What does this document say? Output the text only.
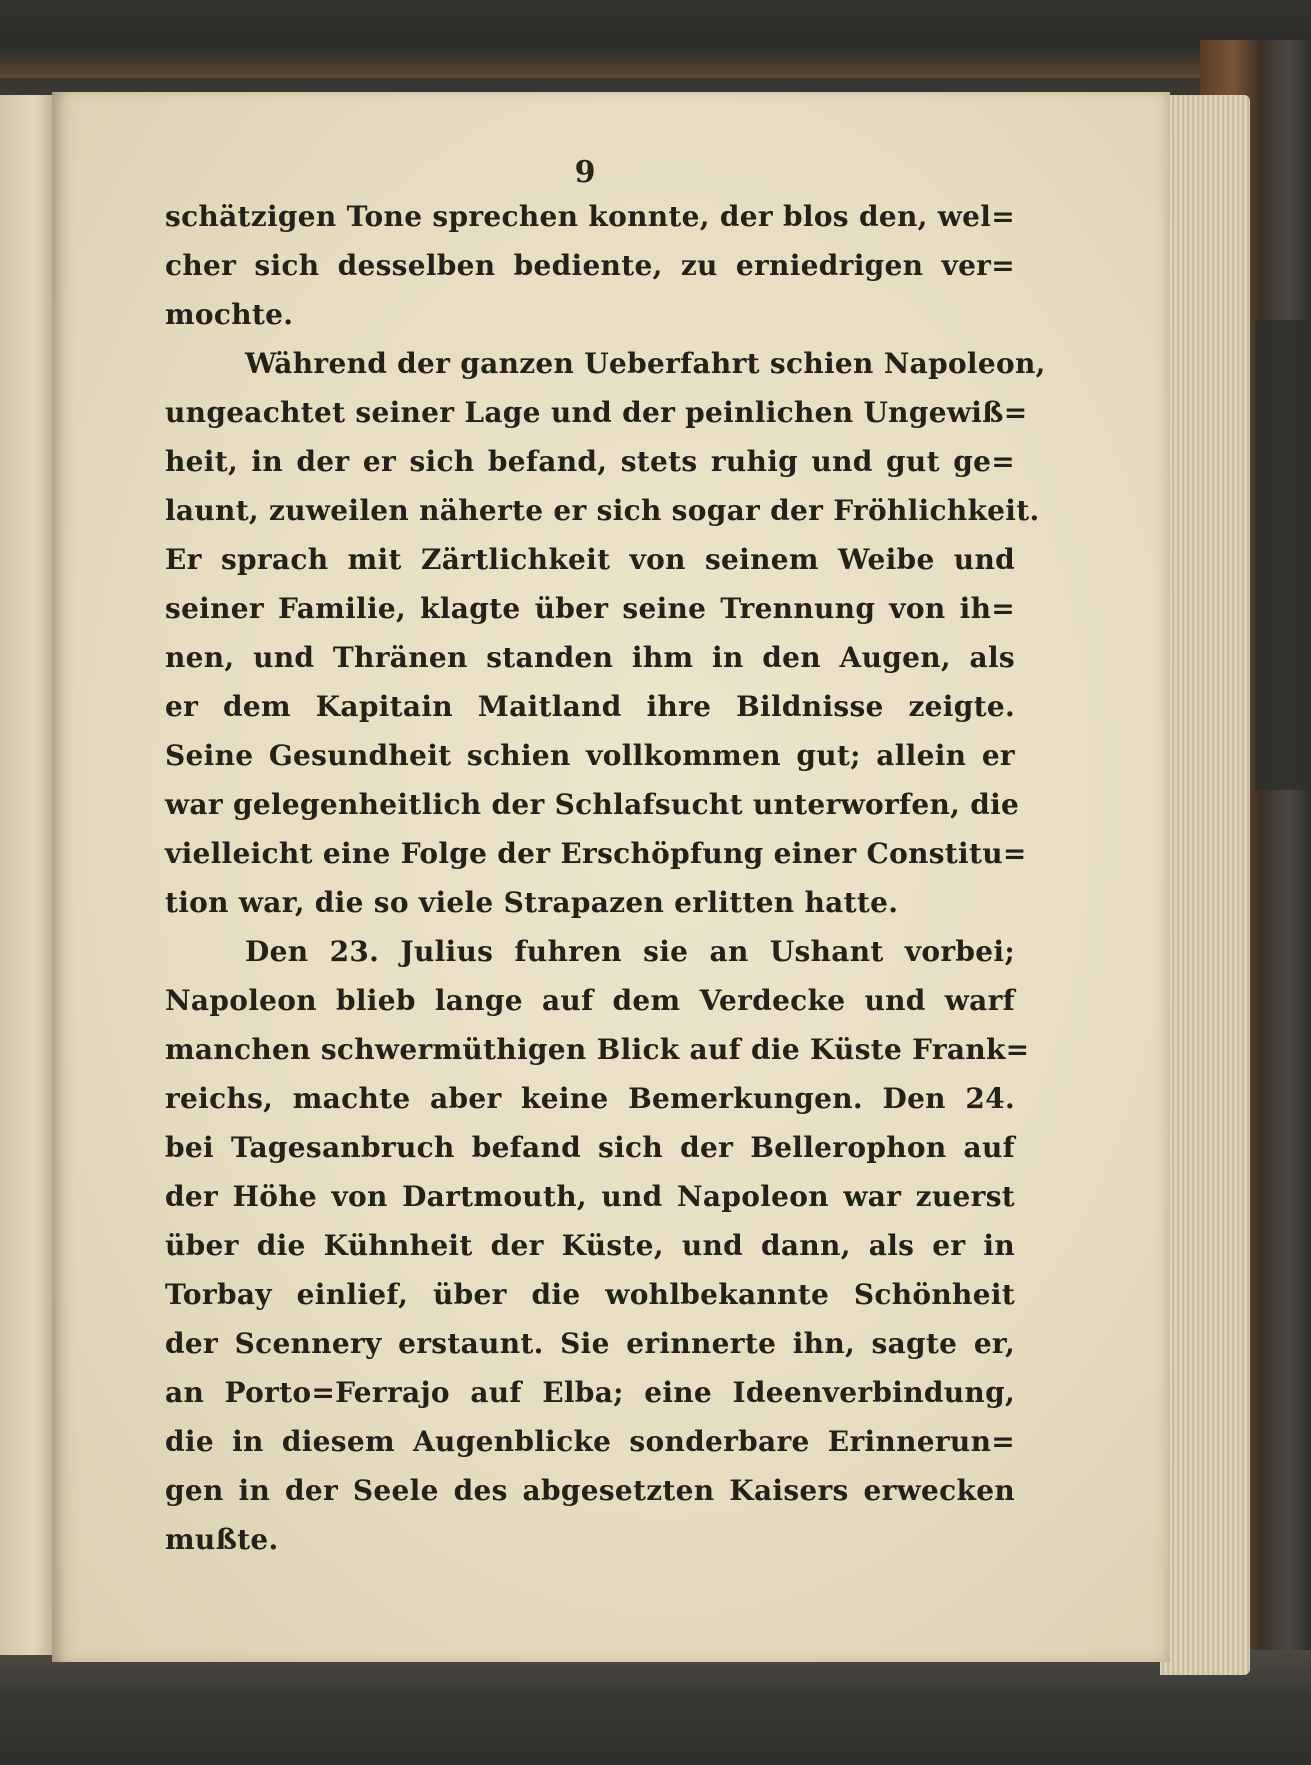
9
schätzigen Tone sprechen konnte, der blos den, wel=
cher sich desselben bediente, zu erniedrigen ver=
mochte.
Während der ganzen Ueberfahrt schien Napoleon,
ungeachtet seiner Lage und der peinlichen Ungewiß=
heit, in der er sich befand, stets ruhig und gut ge=
launt, zuweilen näherte er sich sogar der Fröhlichkeit.
Er sprach mit Zärtlichkeit von seinem Weibe und
seiner Familie, klagte über seine Trennung von ih=
nen, und Thränen standen ihm in den Augen, als
er dem Kapitain Maitland ihre Bildnisse zeigte.
Seine Gesundheit schien vollkommen gut; allein er
war gelegenheitlich der Schlafsucht unterworfen, die
vielleicht eine Folge der Erschöpfung einer Constitu=
tion war, die so viele Strapazen erlitten hatte.
Den 23. Julius fuhren sie an Ushant vorbei;
Napoleon blieb lange auf dem Verdecke und warf
manchen schwermüthigen Blick auf die Küste Frank=
reichs, machte aber keine Bemerkungen. Den 24.
bei Tagesanbruch befand sich der Bellerophon auf
der Höhe von Dartmouth, und Napoleon war zuerst
über die Kühnheit der Küste, und dann, als er in
Torbay einlief, über die wohlbekannte Schönheit
der Scennery erstaunt. Sie erinnerte ihn, sagte er,
an Porto=Ferrajo auf Elba; eine Ideenverbindung,
die in diesem Augenblicke sonderbare Erinnerun=
gen in der Seele des abgesetzten Kaisers erwecken
mußte.
